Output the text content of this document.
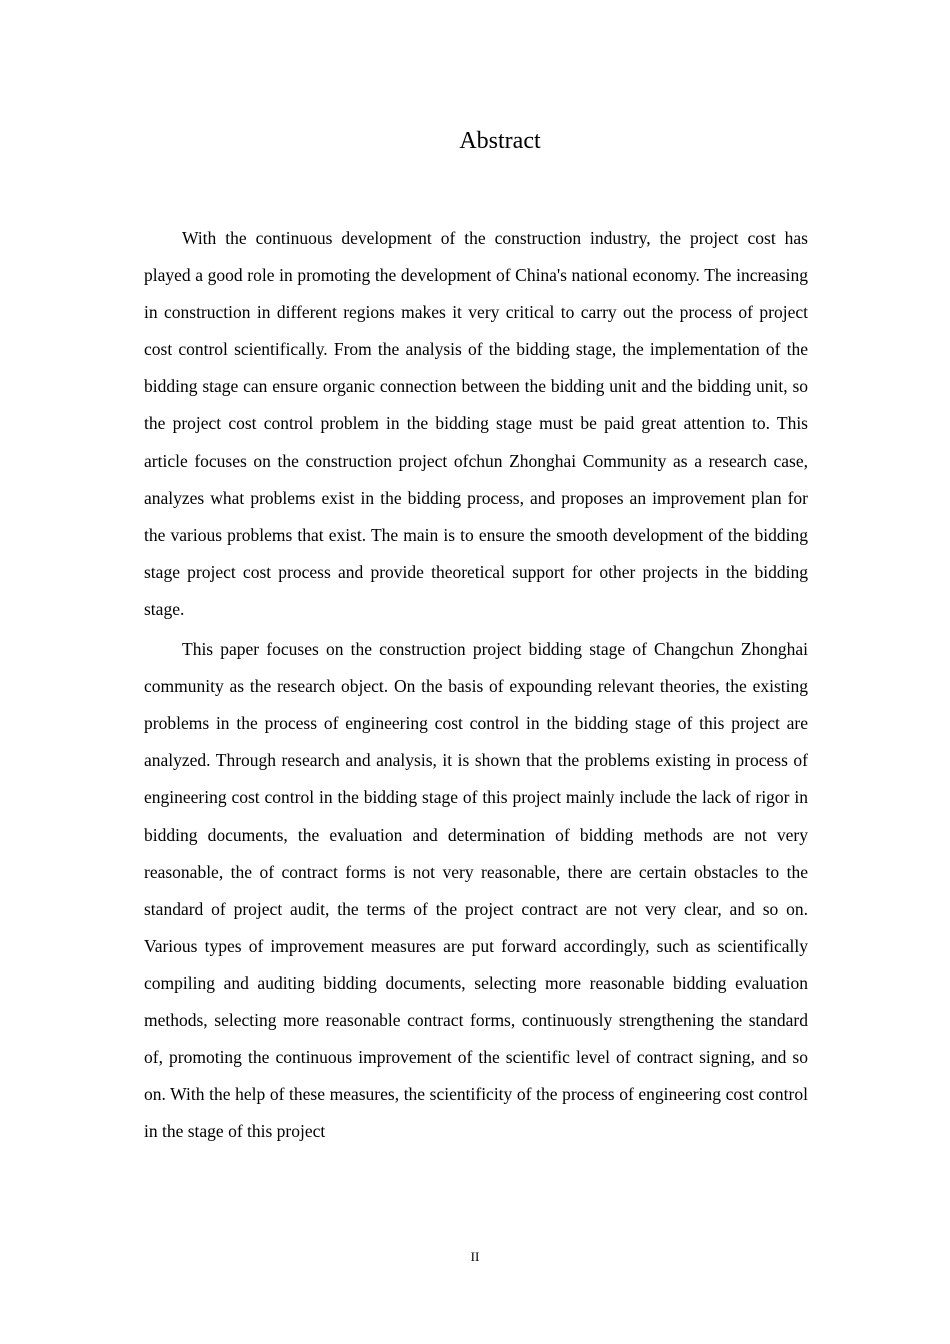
Abstract

With the continuous development of the construction industry, the project cost has played a good role in promoting the development of China's national economy. The increasing in construction in different regions makes it very critical to carry out the process of project cost control scientifically. From the analysis of the bidding stage, the implementation of the bidding stage can ensure organic connection between the bidding unit and the bidding unit, so the project cost control problem in the bidding stage must be paid great attention to. This article focuses on the construction project ofchun Zhonghai Community as a research case, analyzes what problems exist in the bidding process, and proposes an improvement plan for the various problems that exist. The main is to ensure the smooth development of the bidding stage project cost process and provide theoretical support for other projects in the bidding stage.

This paper focuses on the construction project bidding stage of Changchun Zhonghai community as the research object. On the basis of expounding relevant theories, the existing problems in the process of engineering cost control in the bidding stage of this project are analyzed. Through research and analysis, it is shown that the problems existing in process of engineering cost control in the bidding stage of this project mainly include the lack of rigor in bidding documents, the evaluation and determination of bidding methods are not very reasonable, the of contract forms is not very reasonable, there are certain obstacles to the standard of project audit, the terms of the project contract are not very clear, and so on. Various types of improvement measures are put forward accordingly, such as scientifically compiling and auditing bidding documents, selecting more reasonable bidding evaluation methods, selecting more reasonable contract forms, continuously strengthening the standard of, promoting the continuous improvement of the scientific level of contract signing, and so on. With the help of these measures, the scientificity of the process of engineering cost control in the stage of this project

II
